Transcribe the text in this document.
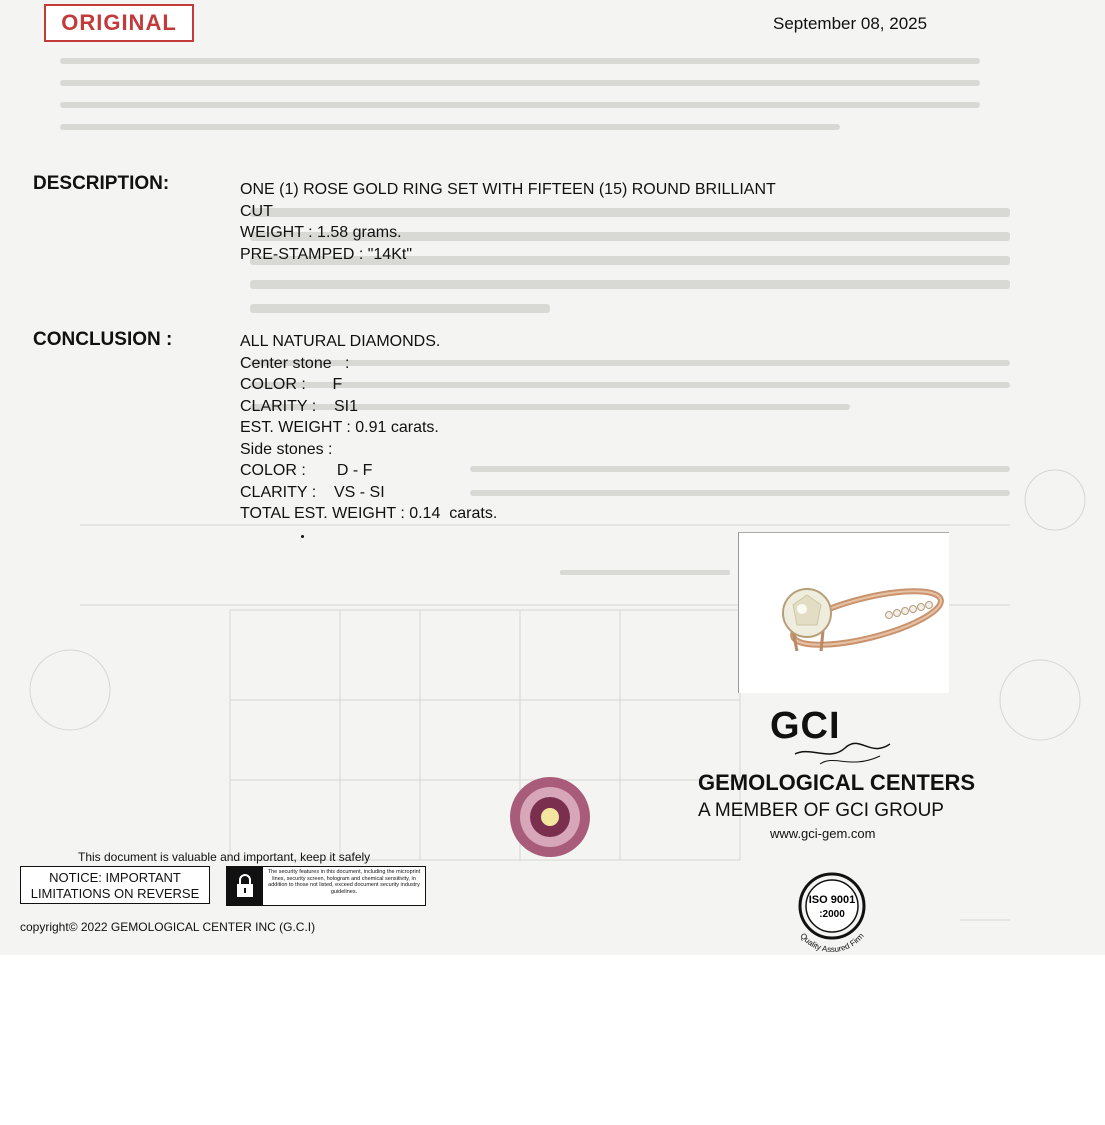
ORIGINAL	September 08, 2025
DESCRIPTION:	ONE (1) ROSE GOLD RING SET WITH FIFTEEN (15) ROUND BRILLIANT
CUT
WEIGHT : 1.58 grams.
PRE-STAMPED : "14Kt"
CONCLUSION :	ALL NATURAL DIAMONDS.
Center stone   :
COLOR :      F
CLARITY :    SI1
EST. WEIGHT : 0.91 carats.
Side stones :
COLOR :       D - F
CLARITY :    VS - SI
TOTAL EST. WEIGHT : 0.14  carats.
GCI
GEMOLOGICAL CENTERS
A MEMBER OF GCI GROUP
www.gci-gem.com
This document is valuable and important, keep it safely
NOTICE: IMPORTANT LIMITATIONS ON REVERSE
The security features in this document, including the microprint lines, security screen, hologram and chemical sensitivity, in addition to those not listed, exceed document security industry guidelines.
copyright© 2022 GEMOLOGICAL CENTER INC (G.C.I)
ISO 9001
:2000
Quality Assured Firm
